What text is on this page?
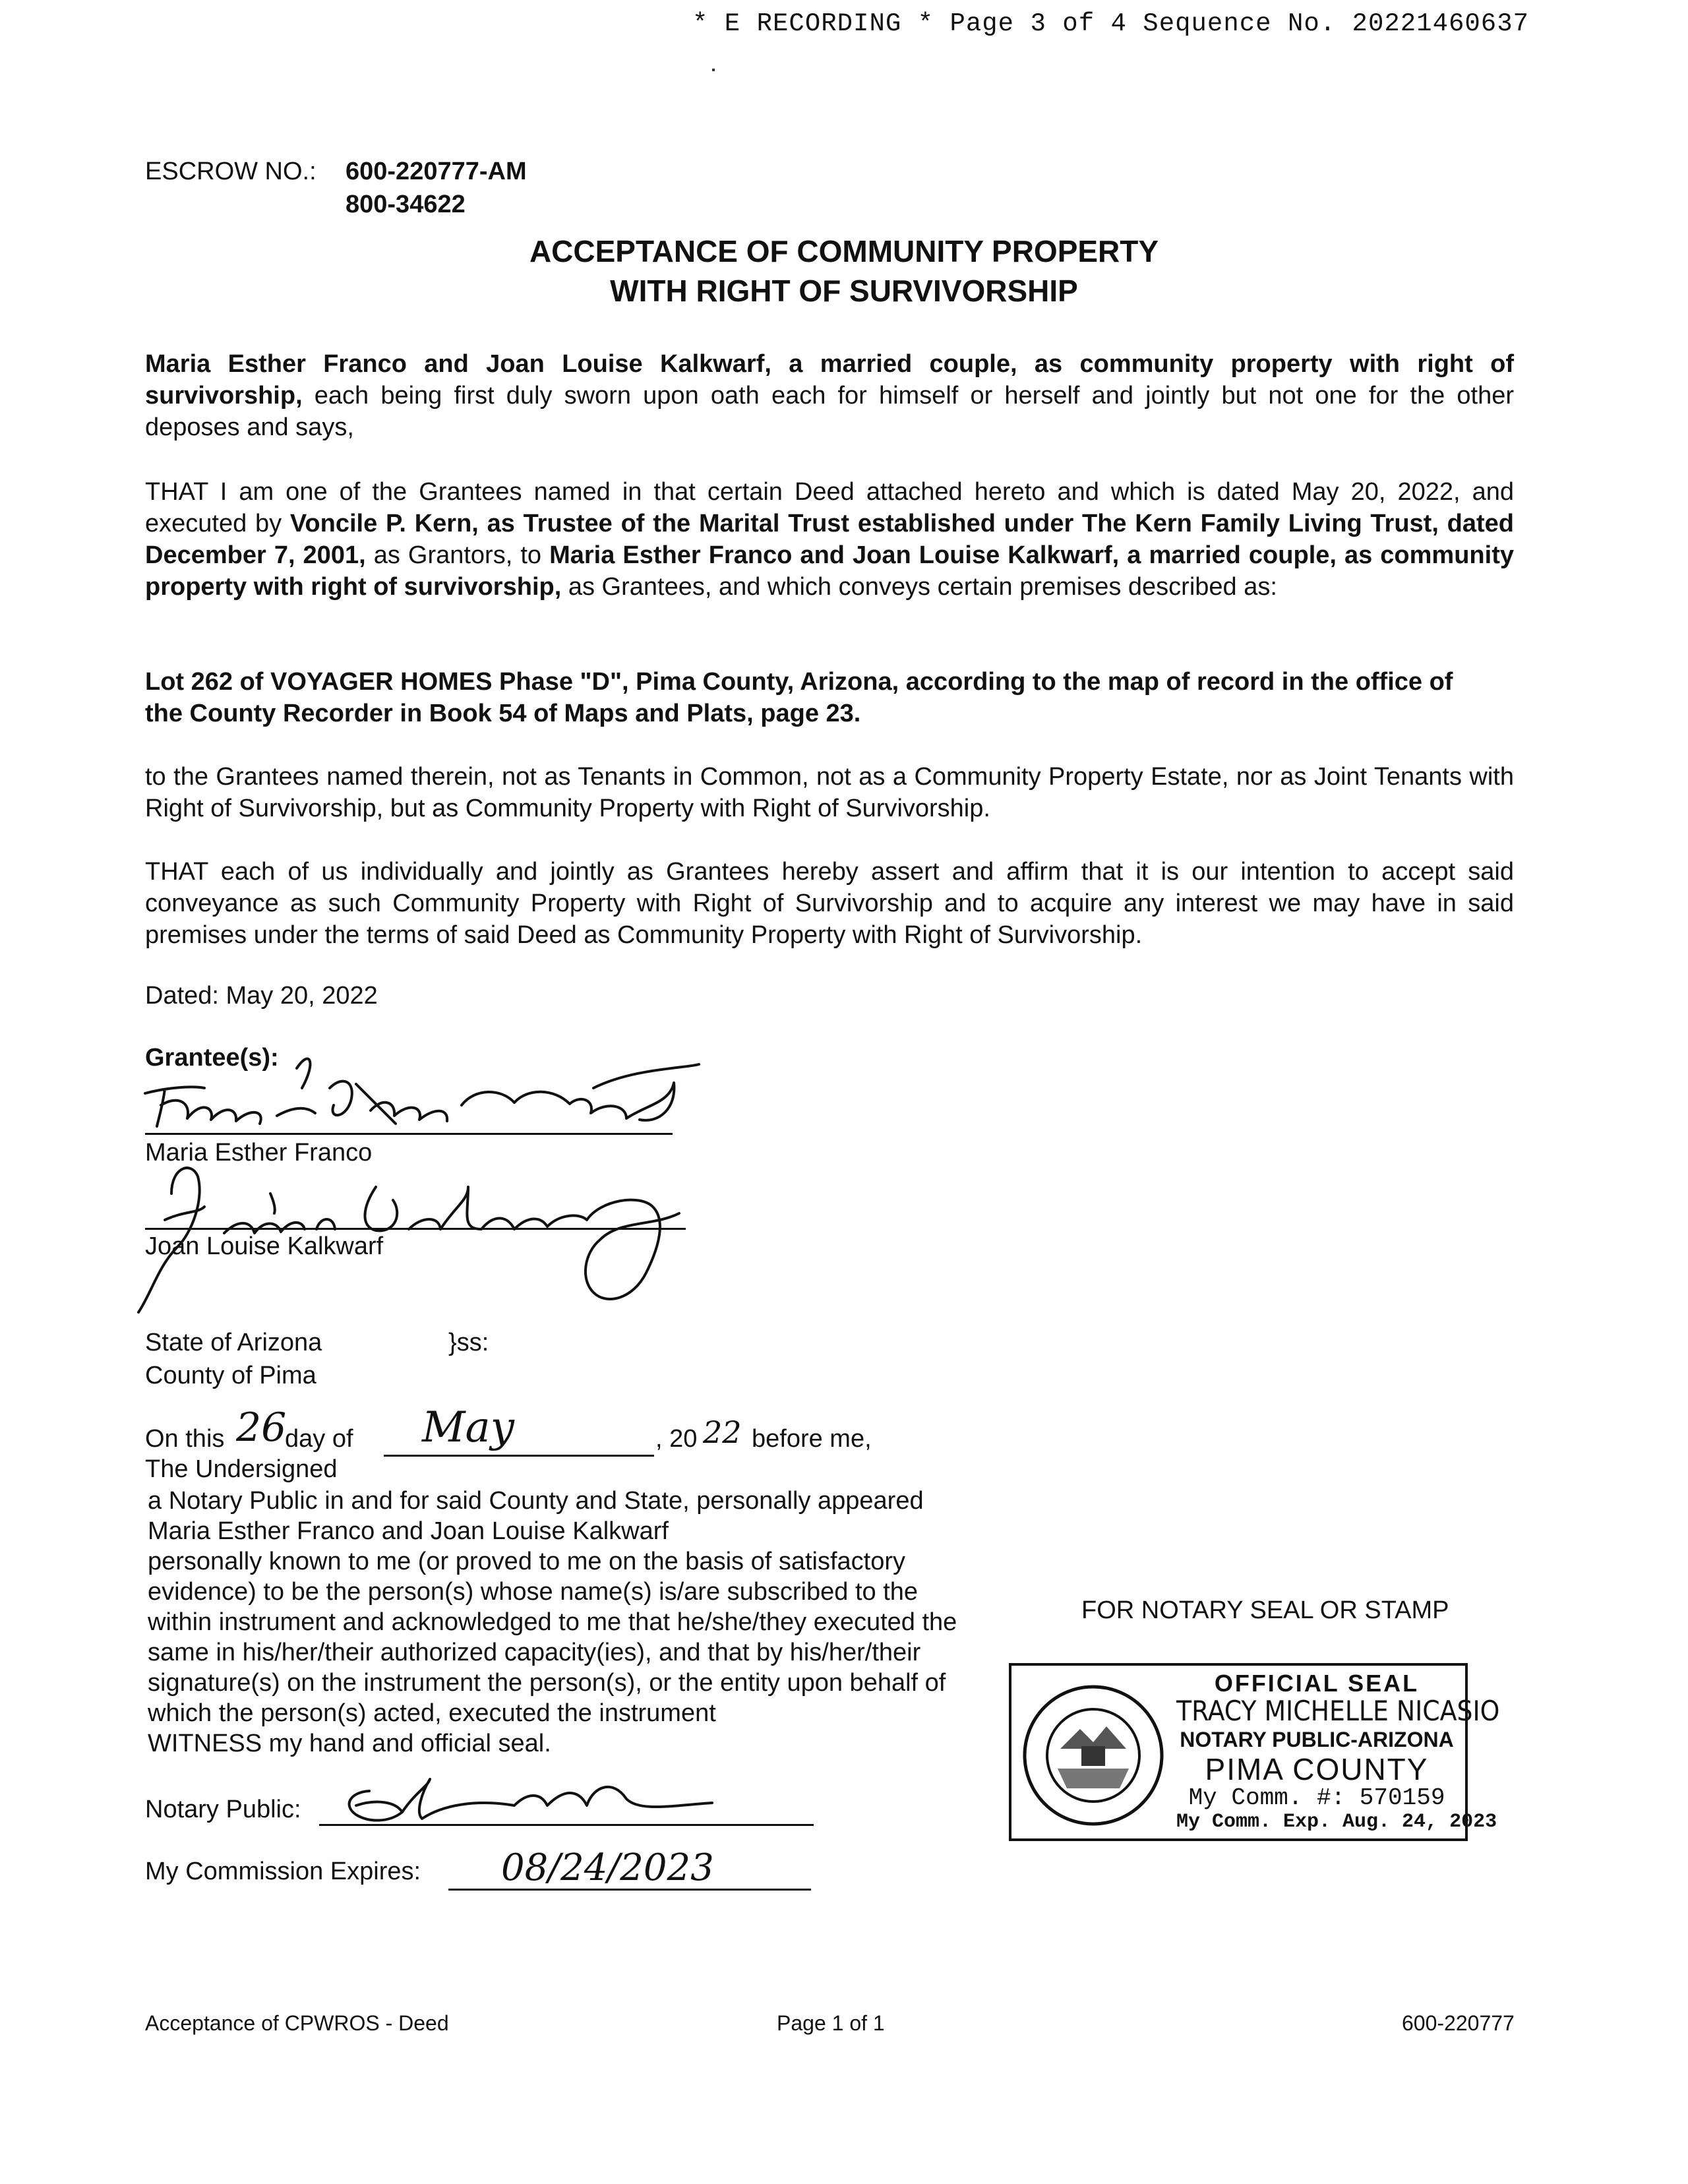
* E RECORDING * Page 3 of 4 Sequence No. 20221460637
ESCROW NO.: 600-220777-AM
800-34622
ACCEPTANCE OF COMMUNITY PROPERTY
WITH RIGHT OF SURVIVORSHIP
Maria Esther Franco and Joan Louise Kalkwarf, a married couple, as community property with right of survivorship, each being first duly sworn upon oath each for himself or herself and jointly but not one for the other deposes and says,
THAT I am one of the Grantees named in that certain Deed attached hereto and which is dated May 20, 2022, and executed by Voncile P. Kern, as Trustee of the Marital Trust established under The Kern Family Living Trust, dated December 7, 2001, as Grantors, to Maria Esther Franco and Joan Louise Kalkwarf, a married couple, as community property with right of survivorship, as Grantees, and which conveys certain premises described as:
Lot 262 of VOYAGER HOMES Phase "D", Pima County, Arizona, according to the map of record in the office of the County Recorder in Book 54 of Maps and Plats, page 23.
to the Grantees named therein, not as Tenants in Common, not as a Community Property Estate, nor as Joint Tenants with Right of Survivorship, but as Community Property with Right of Survivorship.
THAT each of us individually and jointly as Grantees hereby assert and affirm that it is our intention to accept said conveyance as such Community Property with Right of Survivorship and to acquire any interest we may have in said premises under the terms of said Deed as Community Property with Right of Survivorship.
Dated: May 20, 2022
Grantee(s):
Maria Esther Franco
Joan Louise Kalkwarf
State of Arizona	}ss:
County of Pima
On this 26
day of May	, 20 22 before me,
The Undersigned
a Notary Public in and for said County and State, personally appeared
Maria Esther Franco and Joan Louise Kalkwarf
personally known to me (or proved to me on the basis of satisfactory
evidence) to be the person(s) whose name(s) is/are subscribed to the
within instrument and acknowledged to me that he/she/they executed the
same in his/her/their authorized capacity(ies), and that by his/her/their
signature(s) on the instrument the person(s), or the entity upon behalf of
which the person(s) acted, executed the instrument
WITNESS my hand and official seal.
Notary Public:
My Commission Expires: 08/24/2023
FOR NOTARY SEAL OR STAMP
OFFICIAL SEAL
TRACY MICHELLE NICASIO
NOTARY PUBLIC-ARIZONA
PIMA COUNTY
My Comm. #: 570159
My Comm. Exp. Aug. 24, 2023
Acceptance of CPWROS - Deed	Page 1 of 1	600-220777
